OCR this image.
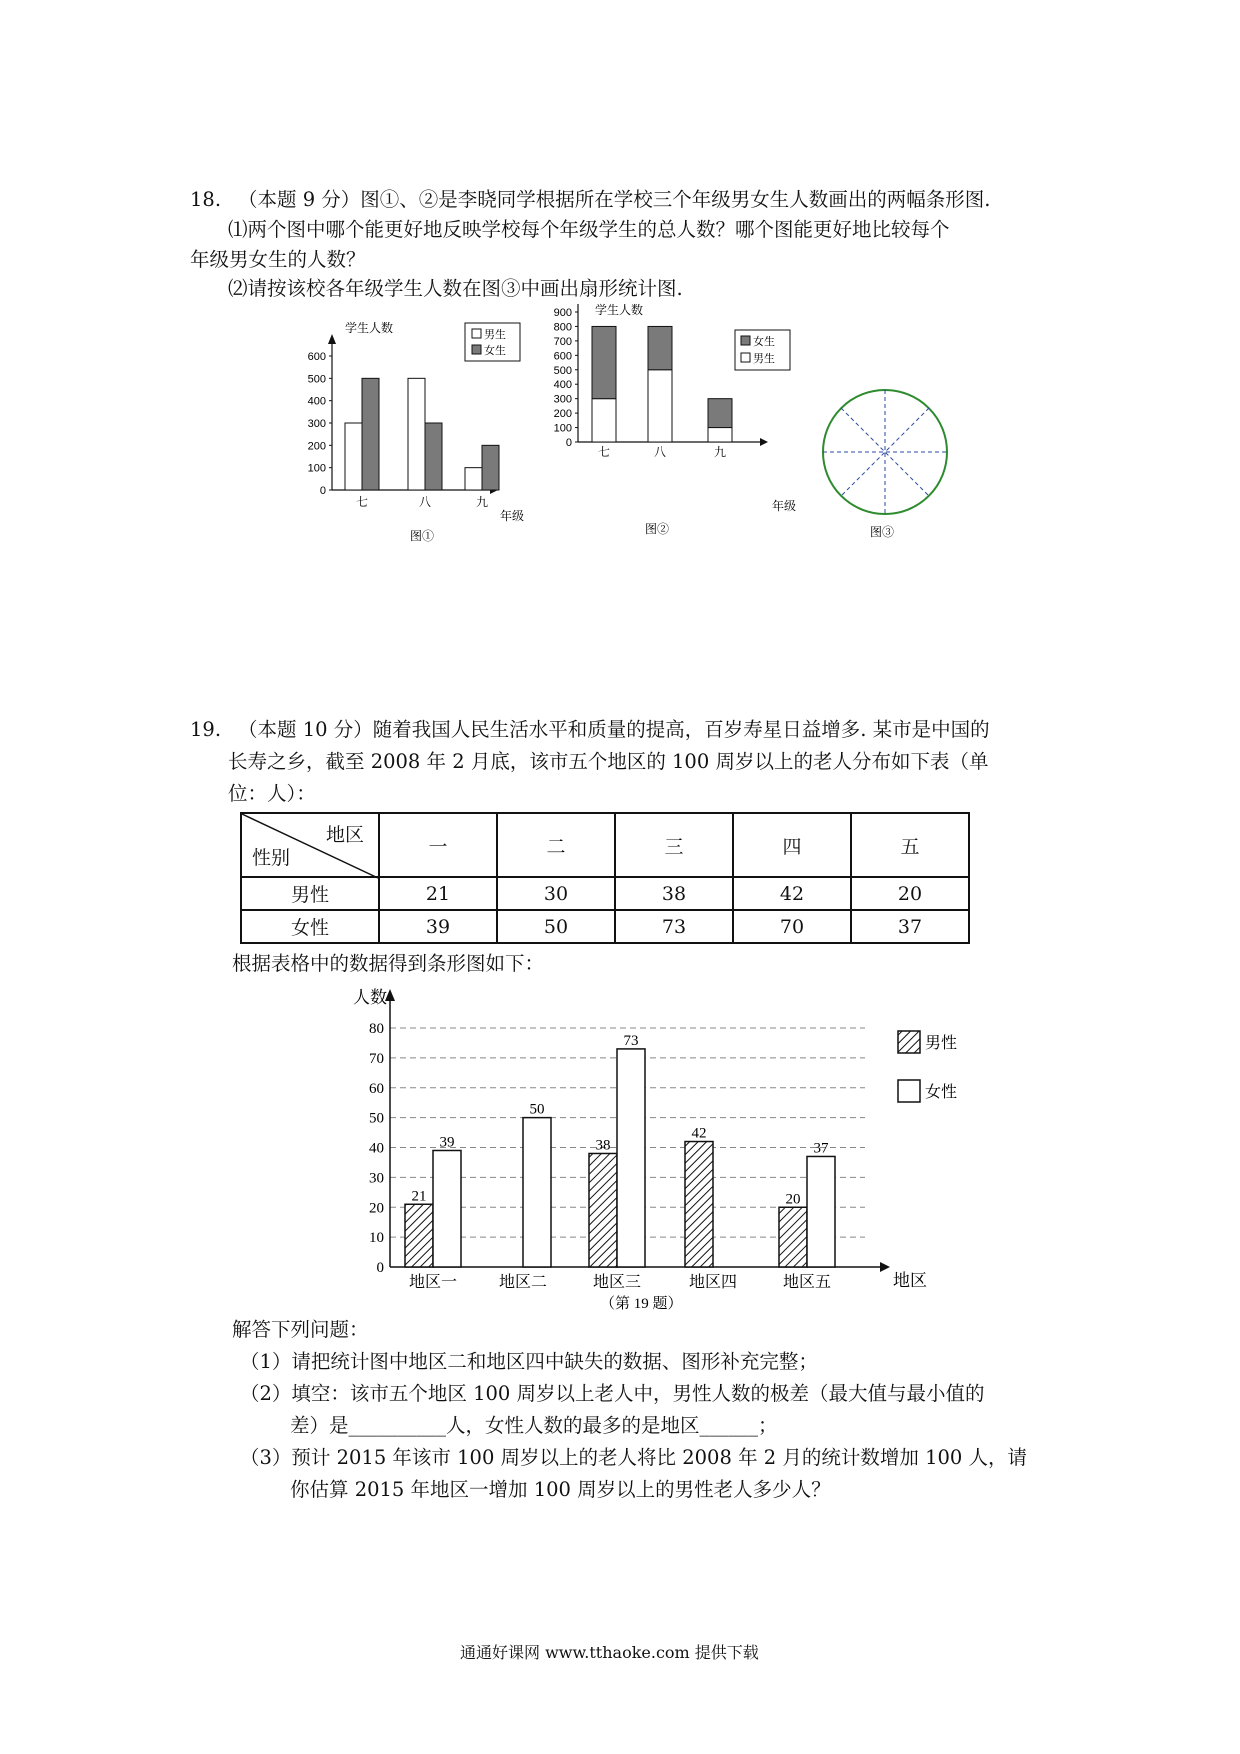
18. （本题 9 分）图①、②是李晓同学根据所在学校三个年级男女生人数画出的两幅条形图.
⑴两个图中哪个能更好地反映学校每个年级学生的总人数？哪个图能更好地比较每个
年级男女生的人数？
⑵请按该校各年级学生人数在图③中画出扇形统计图.
0
100
200
300
400
500
600
七	八	九
学生人数
年级
图①
男生
女生
0
100
200
300
400
500
600
700
800
900
七	八	九
学生人数
年级
图②
女生
男生
图③
19. （本题 10 分）随着我国人民生活水平和质量的提高，百岁寿星日益增多. 某市是中国的
长寿之乡，截至 2008 年 2 月底，该市五个地区的 100 周岁以上的老人分布如下表（单
位：人）：
地区
性别	一	二	三	四	五
男性	21	30	38	42	20
女性	39	50	73	70	37
根据表格中的数据得到条形图如下：
0
10
20
30
40
50
60
70
80
21
39
地区一
50
地区二
38
73
地区三
42
地区四
20
地区五
37
人数
地区
男性
女性
（第 19 题）
解答下列问题：
（1）请把统计图中地区二和地区四中缺失的数据、图形补充完整；
（2）填空：该市五个地区 100 周岁以上老人中，男性人数的极差（最大值与最小值的
差）是__________人，女性人数的最多的是地区______；
（3）预计 2015 年该市 100 周岁以上的老人将比 2008 年 2 月的统计数增加 100 人，请
你估算 2015 年地区一增加 100 周岁以上的男性老人多少人？
通通好课网 www.tthaoke.com 提供下载
